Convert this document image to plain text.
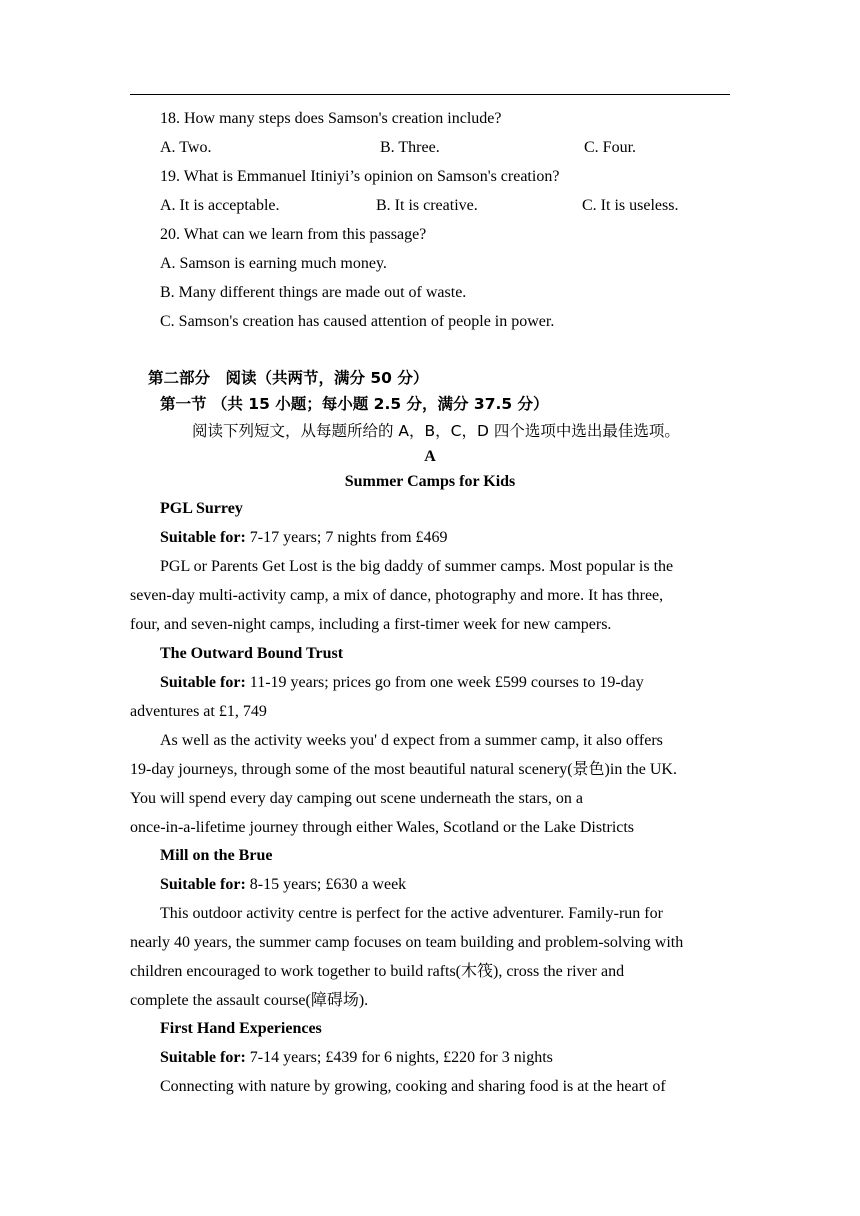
18. How many steps does Samson's creation include?
A. Two.	B. Three.	C. Four.
19. What is Emmanuel Itiniyi’s opinion on Samson's creation?
A. It is acceptable.	B. It is creative.	C. It is useless.
20. What can we learn from this passage?
A. Samson is earning much money.
B. Many different things are made out of waste.
C. Samson's creation has caused attention of people in power.
第二部分　阅读（共两节，满分 50 分）
第一节 （共 15 小题；每小题 2.5 分，满分 37.5 分）
阅读下列短文，从每题所给的 A，B，C，D 四个选项中选出最佳选项。
A
Summer Camps for Kids
PGL Surrey
Suitable for: 7-17 years; 7 nights from £469
PGL or Parents Get Lost is the big daddy of summer camps. Most popular is the
seven-day multi-activity camp, a mix of dance, photography and more. It has three,
four, and seven-night camps, including a first-timer week for new campers.
The Outward Bound Trust
Suitable for: 11-19 years; prices go from one week £599 courses to 19-day
adventures at £1, 749
As well as the activity weeks you' d expect from a summer camp, it also offers
19-day journeys, through some of the most beautiful natural scenery(景色)in the UK.
You will spend every day camping out scene underneath the stars, on a
once-in-a-lifetime journey through either Wales, Scotland or the Lake Districts
Mill on the Brue
Suitable for: 8-15 years; £630 a week
This outdoor activity centre is perfect for the active adventurer. Family-run for
nearly 40 years, the summer camp focuses on team building and problem-solving with
children encouraged to work together to build rafts(木筏), cross the river and
complete the assault course(障碍场).
First Hand Experiences
Suitable for: 7-14 years; £439 for 6 nights, £220 for 3 nights
Connecting with nature by growing, cooking and sharing food is at the heart of
